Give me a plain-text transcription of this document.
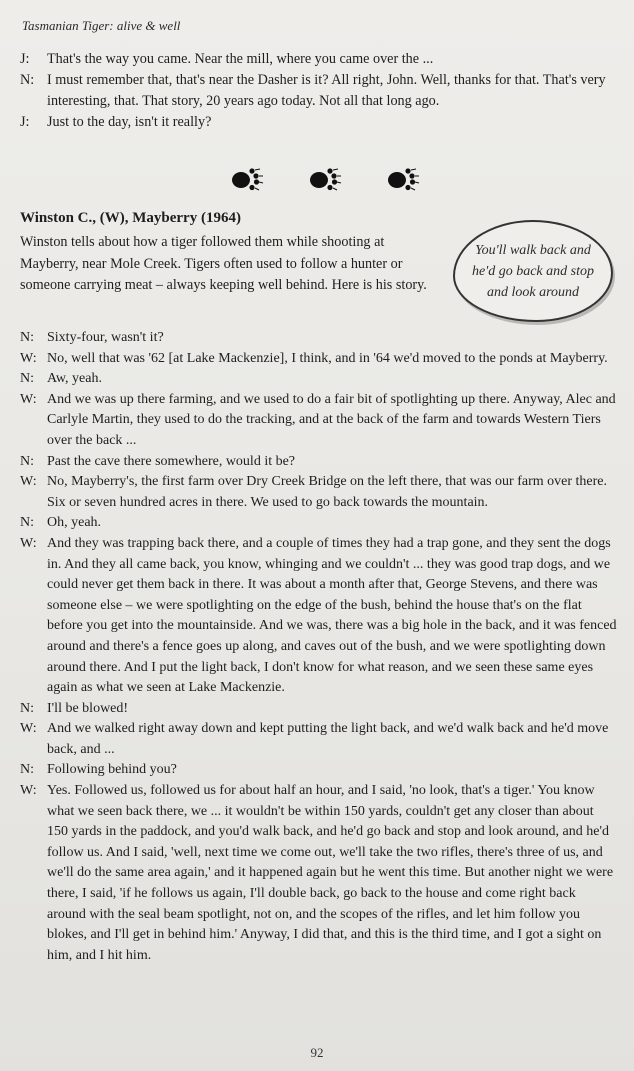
Tasmanian Tiger: alive & well

J:	That's the way you came. Near the mill, where you came over the ...

N: I must remember that, that's near the Dasher is it? All right, John. Well, thanks for that. That's very interesting, that. That story, 20 years ago today. Not all that long ago.

J:	Just to the day, isn't it really?

Winston C., (W), Mayberry (1964)
Winston tells about how a tiger followed them while shooting at Mayberry, near Mole Creek. Tigers often used to follow a hunter or someone carrying meat – always keeping well behind. Here is his story.
You'll walk back and he'd go back and stop and look around

N: Sixty-four, wasn't it?

W: No, well that was '62 [at Lake Mackenzie], I think, and in '64 we'd moved to the ponds at Mayberry.

N: Aw, yeah.

W: And we was up there farming, and we used to do a fair bit of spotlighting up there. Anyway, Alec and Carlyle Martin, they used to do the tracking, and at the back of the farm and towards Western Tiers over the back ...

N: Past the cave there somewhere, would it be?

W: No, Mayberry's, the first farm over Dry Creek Bridge on the left there, that was our farm over there. Six or seven hundred acres in there. We used to go back towards the mountain.

N: Oh, yeah.

W: And they was trapping back there, and a couple of times they had a trap gone, and they sent the dogs in. And they all came back, you know, whinging and we couldn't ... they was good trap dogs, and we could never get them back in there. It was about a month after that, George Stevens, and there was someone else – we were spotlighting on the edge of the bush, behind the house that's on the flat before you get into the mountainside. And we was, there was a big hole in the back, and it was fenced around and there's a fence goes up along, and caves out of the bush, and we were spotlighting down around there. And I put the light back, I don't know for what reason, and we seen these same eyes again as what we seen at Lake Mackenzie.

N: I'll be blowed!

W: And we walked right away down and kept putting the light back, and we'd walk back and he'd move back, and ...

N: Following behind you?

W: Yes. Followed us, followed us for about half an hour, and I said, 'no look, that's a tiger.' You know what we seen back there, we ... it wouldn't be within 150 yards, couldn't get any closer than about 150 yards in the paddock, and you'd walk back, and he'd go back and stop and look around, and he'd follow us. And I said, 'well, next time we come out, we'll take the two rifles, there's three of us, and we'll do the same area again,' and it happened again but he went this time. But another night we were there, I said, 'if he follows us again, I'll double back, go back to the house and come right back around with the seal beam spotlight, not on, and the scopes of the rifles, and let him follow you blokes, and I'll get in behind him.' Anyway, I did that, and this is the third time, and I got a sight on him, and I hit him.

92
